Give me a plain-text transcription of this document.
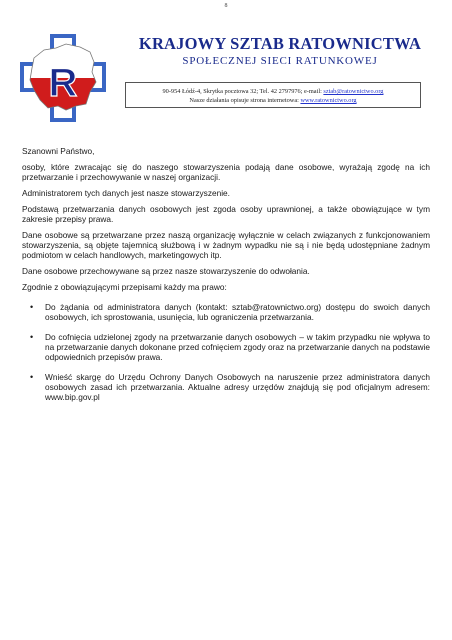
8
R
KRAJOWY SZTAB RATOWNICTWA
SPOŁECZNEJ SIECI RATUNKOWEJ
90-954 Łódź-4, Skrytka pocztowa 32; Tel. 42 2797976; e-mail: sztab@ratownictwo.org
Nasze działania opisuje strona internetowa: www.ratownictwo.org

Szanowni Państwo,

osoby, które zwracając się do naszego stowarzyszenia podają dane osobowe, wyrażają zgodę na ich przetwarzanie i przechowywanie w naszej organizacji.

Administratorem tych danych jest nasze stowarzyszenie.

Podstawą przetwarzania danych osobowych jest zgoda osoby uprawnionej, a także obowiązujące w tym zakresie przepisy prawa.

Dane osobowe są przetwarzane przez naszą organizację wyłącznie w celach związanych z funkcjonowaniem stowarzyszenia, są objęte tajemnicą służbową i w żadnym wypadku nie są i nie będą udostępniane żadnym podmiotom w celach handlowych, marketingowych itp.

Dane osobowe przechowywane są przez nasze stowarzyszenie do odwołania.

Zgodnie z obowiązującymi przepisami każdy ma prawo:

• Do żądania od administratora danych (kontakt: sztab@ratownictwo.org) dostępu do swoich danych osobowych, ich sprostowania, usunięcia, lub ograniczenia przetwarzania.
• Do cofnięcia udzielonej zgody na przetwarzanie danych osobowych – w takim przypadku nie wpływa to na przetwarzanie danych dokonane przed cofnięciem zgody oraz na przetwarzanie danych na podstawie odpowiednich przepisów prawa.
• Wnieść skargę do Urzędu Ochrony Danych Osobowych na naruszenie przez administratora danych osobowych zasad ich przetwarzania. Aktualne adresy urzędów znajdują się pod oficjalnym adresem: www.bip.gov.pl
